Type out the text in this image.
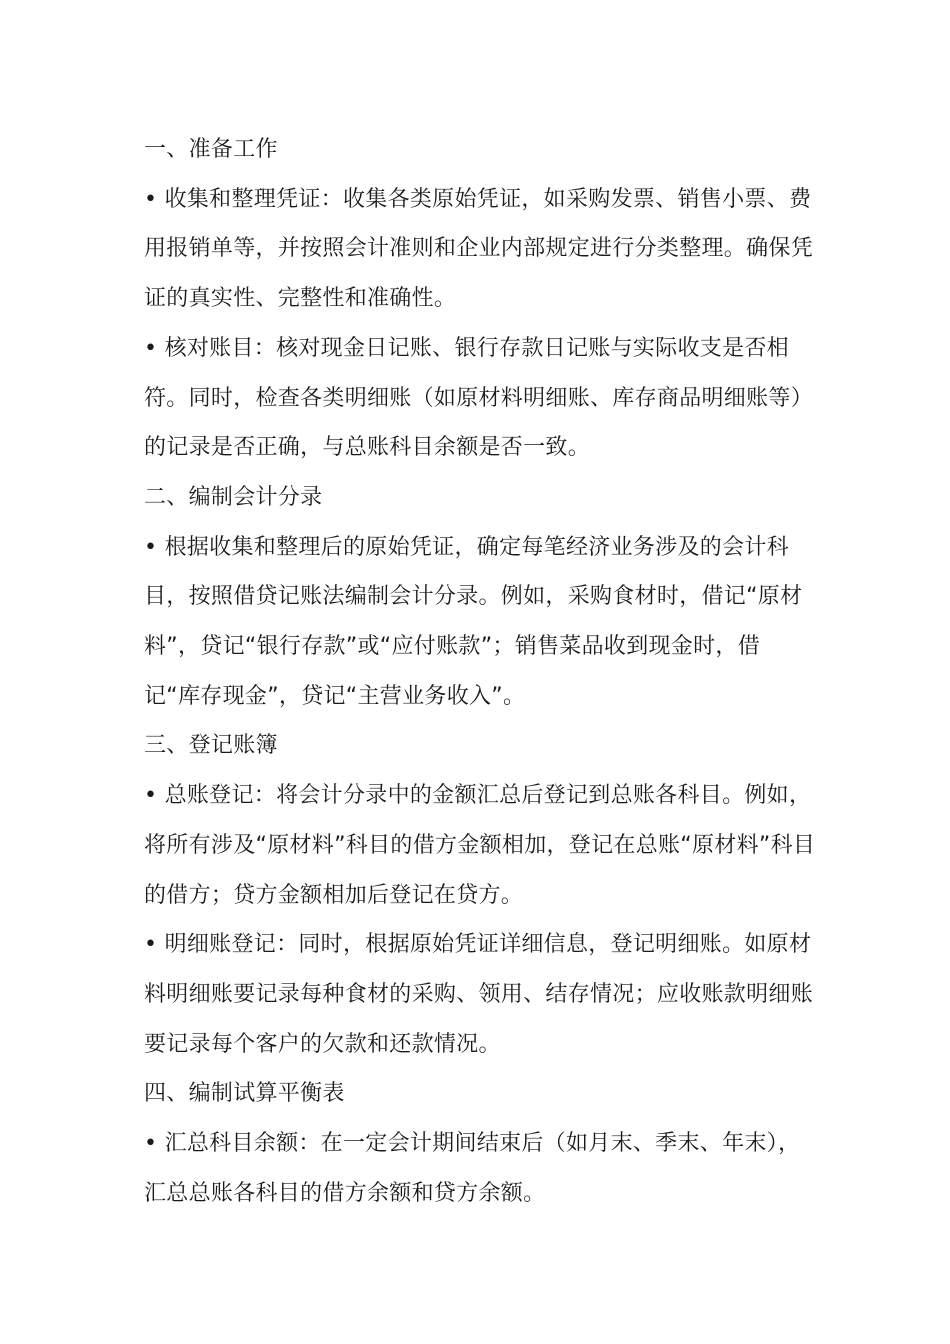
一、准备工作

• 收集和整理凭证：收集各类原始凭证，如采购发票、销售小票、费用报销单等，并按照会计准则和企业内部规定进行分类整理。确保凭证的真实性、完整性和准确性。

• 核对账目：核对现金日记账、银行存款日记账与实际收支是否相符。同时，检查各类明细账（如原材料明细账、库存商品明细账等）的记录是否正确，与总账科目余额是否一致。

二、编制会计分录

• 根据收集和整理后的原始凭证，确定每笔经济业务涉及的会计科目，按照借贷记账法编制会计分录。例如，采购食材时，借记“原材料”，贷记“银行存款”或“应付账款”；销售菜品收到现金时，借记“库存现金”，贷记“主营业务收入”。

三、登记账簿

• 总账登记：将会计分录中的金额汇总后登记到总账各科目。例如，将所有涉及“原材料”科目的借方金额相加，登记在总账“原材料”科目的借方；贷方金额相加后登记在贷方。

• 明细账登记：同时，根据原始凭证详细信息，登记明细账。如原材料明细账要记录每种食材的采购、领用、结存情况；应收账款明细账要记录每个客户的欠款和还款情况。

四、编制试算平衡表

• 汇总科目余额：在一定会计期间结束后（如月末、季末、年末），汇总总账各科目的借方余额和贷方余额。
